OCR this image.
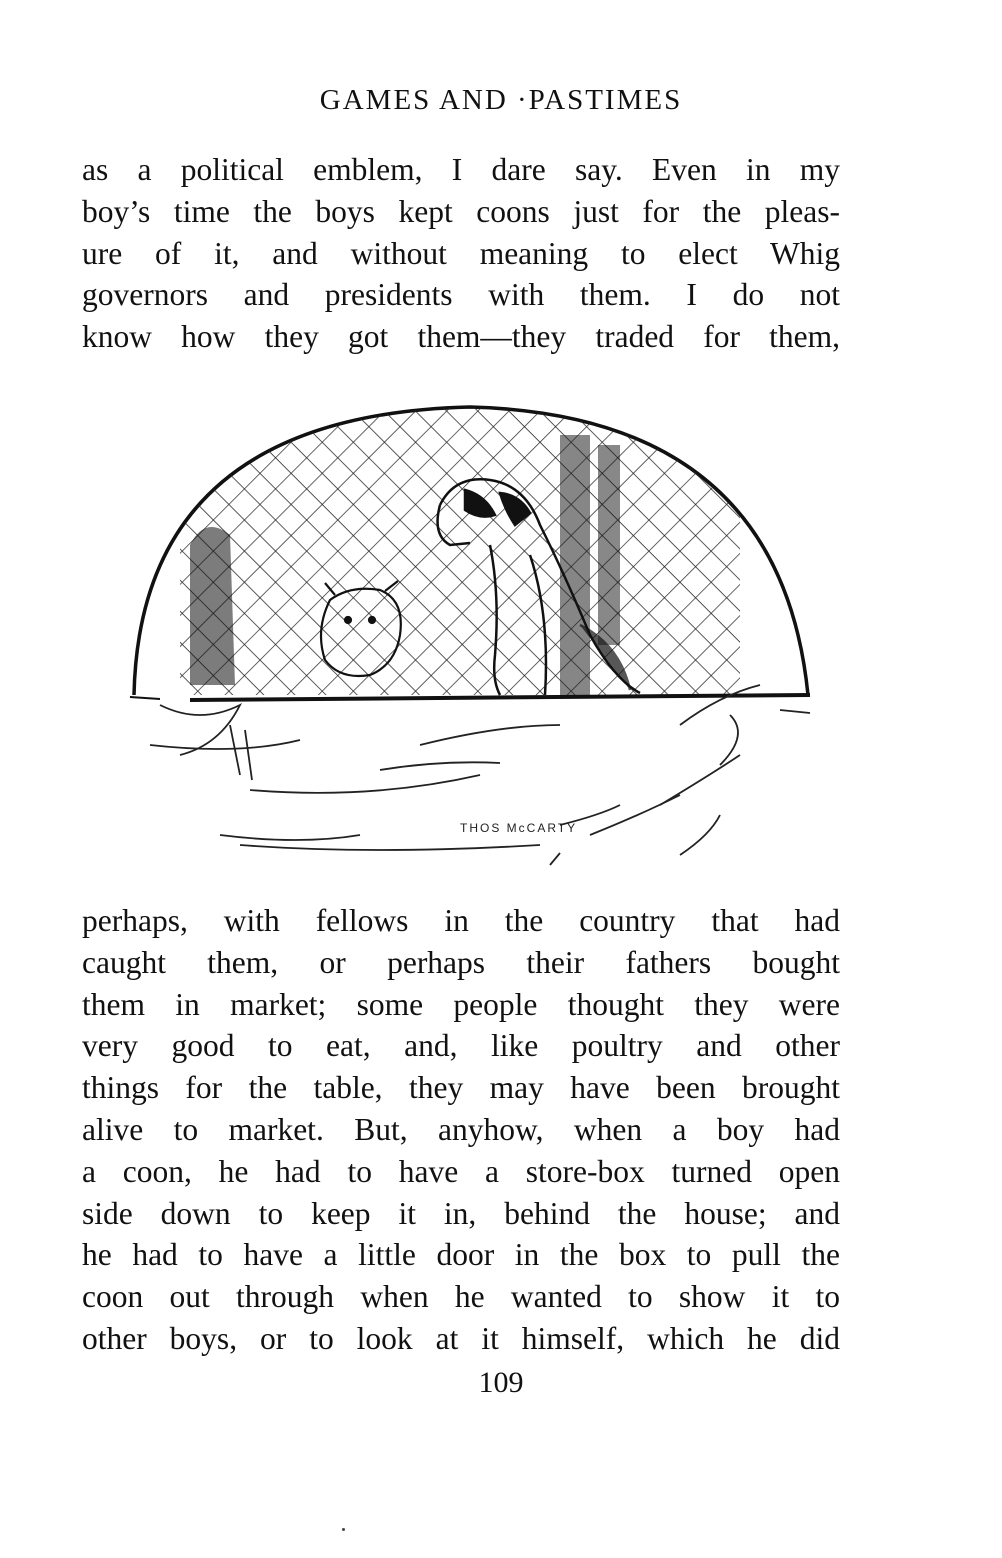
GAMES AND ·PASTIMES
as a political emblem, I dare say. Even in my
boy’s time the boys kept coons just for the pleas-
ure of it, and without meaning to elect Whig
governors and presidents with them. I do not
know how they got them—they traded for them,
THOS McCARTY
perhaps, with fellows in the country that had
caught them, or perhaps their fathers bought
them in market; some people thought they were
very good to eat, and, like poultry and other
things for the table, they may have been brought
alive to market. But, anyhow, when a boy had
a coon, he had to have a store-box turned open
side down to keep it in, behind the house; and
he had to have a little door in the box to pull the
coon out through when he wanted to show it to
other boys, or to look at it himself, which he did
109
